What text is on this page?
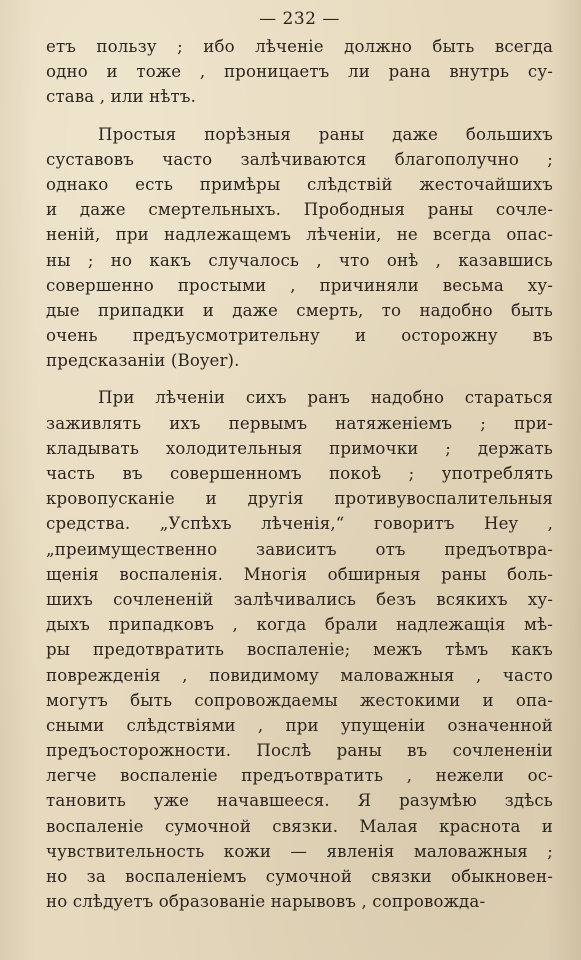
— 232 —
етъ пользу ; ибо лѣченіе должно быть всегда
одно и тоже , проницаетъ ли рана внутрь су-
става , или нѣтъ.
Простыя порѣзныя раны даже большихъ
суставовъ часто залѣчиваются благополучно ;
однако есть примѣры слѣдствій жесточайшихъ
и даже смертельныхъ. Прободныя раны сочле-
неній, при надлежащемъ лѣченіи, не всегда опас-
ны ; но какъ случалось , что онѣ , казавшись
совершенно простыми , причиняли весьма ху-
дые припадки и даже смерть, то надобно быть
очень предъусмотрительну и осторожну въ
предсказаніи (Boyer).
При лѣченіи сихъ ранъ надобно стараться
заживлять ихъ первымъ натяженіемъ ; при-
кладывать холодительныя примочки ; держать
часть въ совершенномъ покоѣ ; употреблять
кровопусканіе и другія противувоспалительныя
средства. „Успѣхъ лѣченія,“ говоритъ Hey ,
„преимущественно зависитъ отъ предъотвра-
щенія воспаленія. Многія обширныя раны боль-
шихъ сочлененій залѣчивались безъ всякихъ ху-
дыхъ припадковъ , когда брали надлежащія мѣ-
ры предотвратить воспаленіе; межъ тѣмъ какъ
поврежденія , повидимому маловажныя , часто
могутъ быть сопровождаемы жестокими и опа-
сными слѣдствіями , при упущеніи означенной
предъосторожности. Послѣ раны въ сочлененіи
легче воспаленіе предъотвратить , нежели ос-
тановить уже начавшееся. Я разумѣю здѣсь
воспаленіе сумочной связки. Малая краснота и
чувствительность кожи — явленія маловажныя ;
но за воспаленіемъ сумочной связки обыкновен-
но слѣдуетъ образованіе нарывовъ , сопровожда-
